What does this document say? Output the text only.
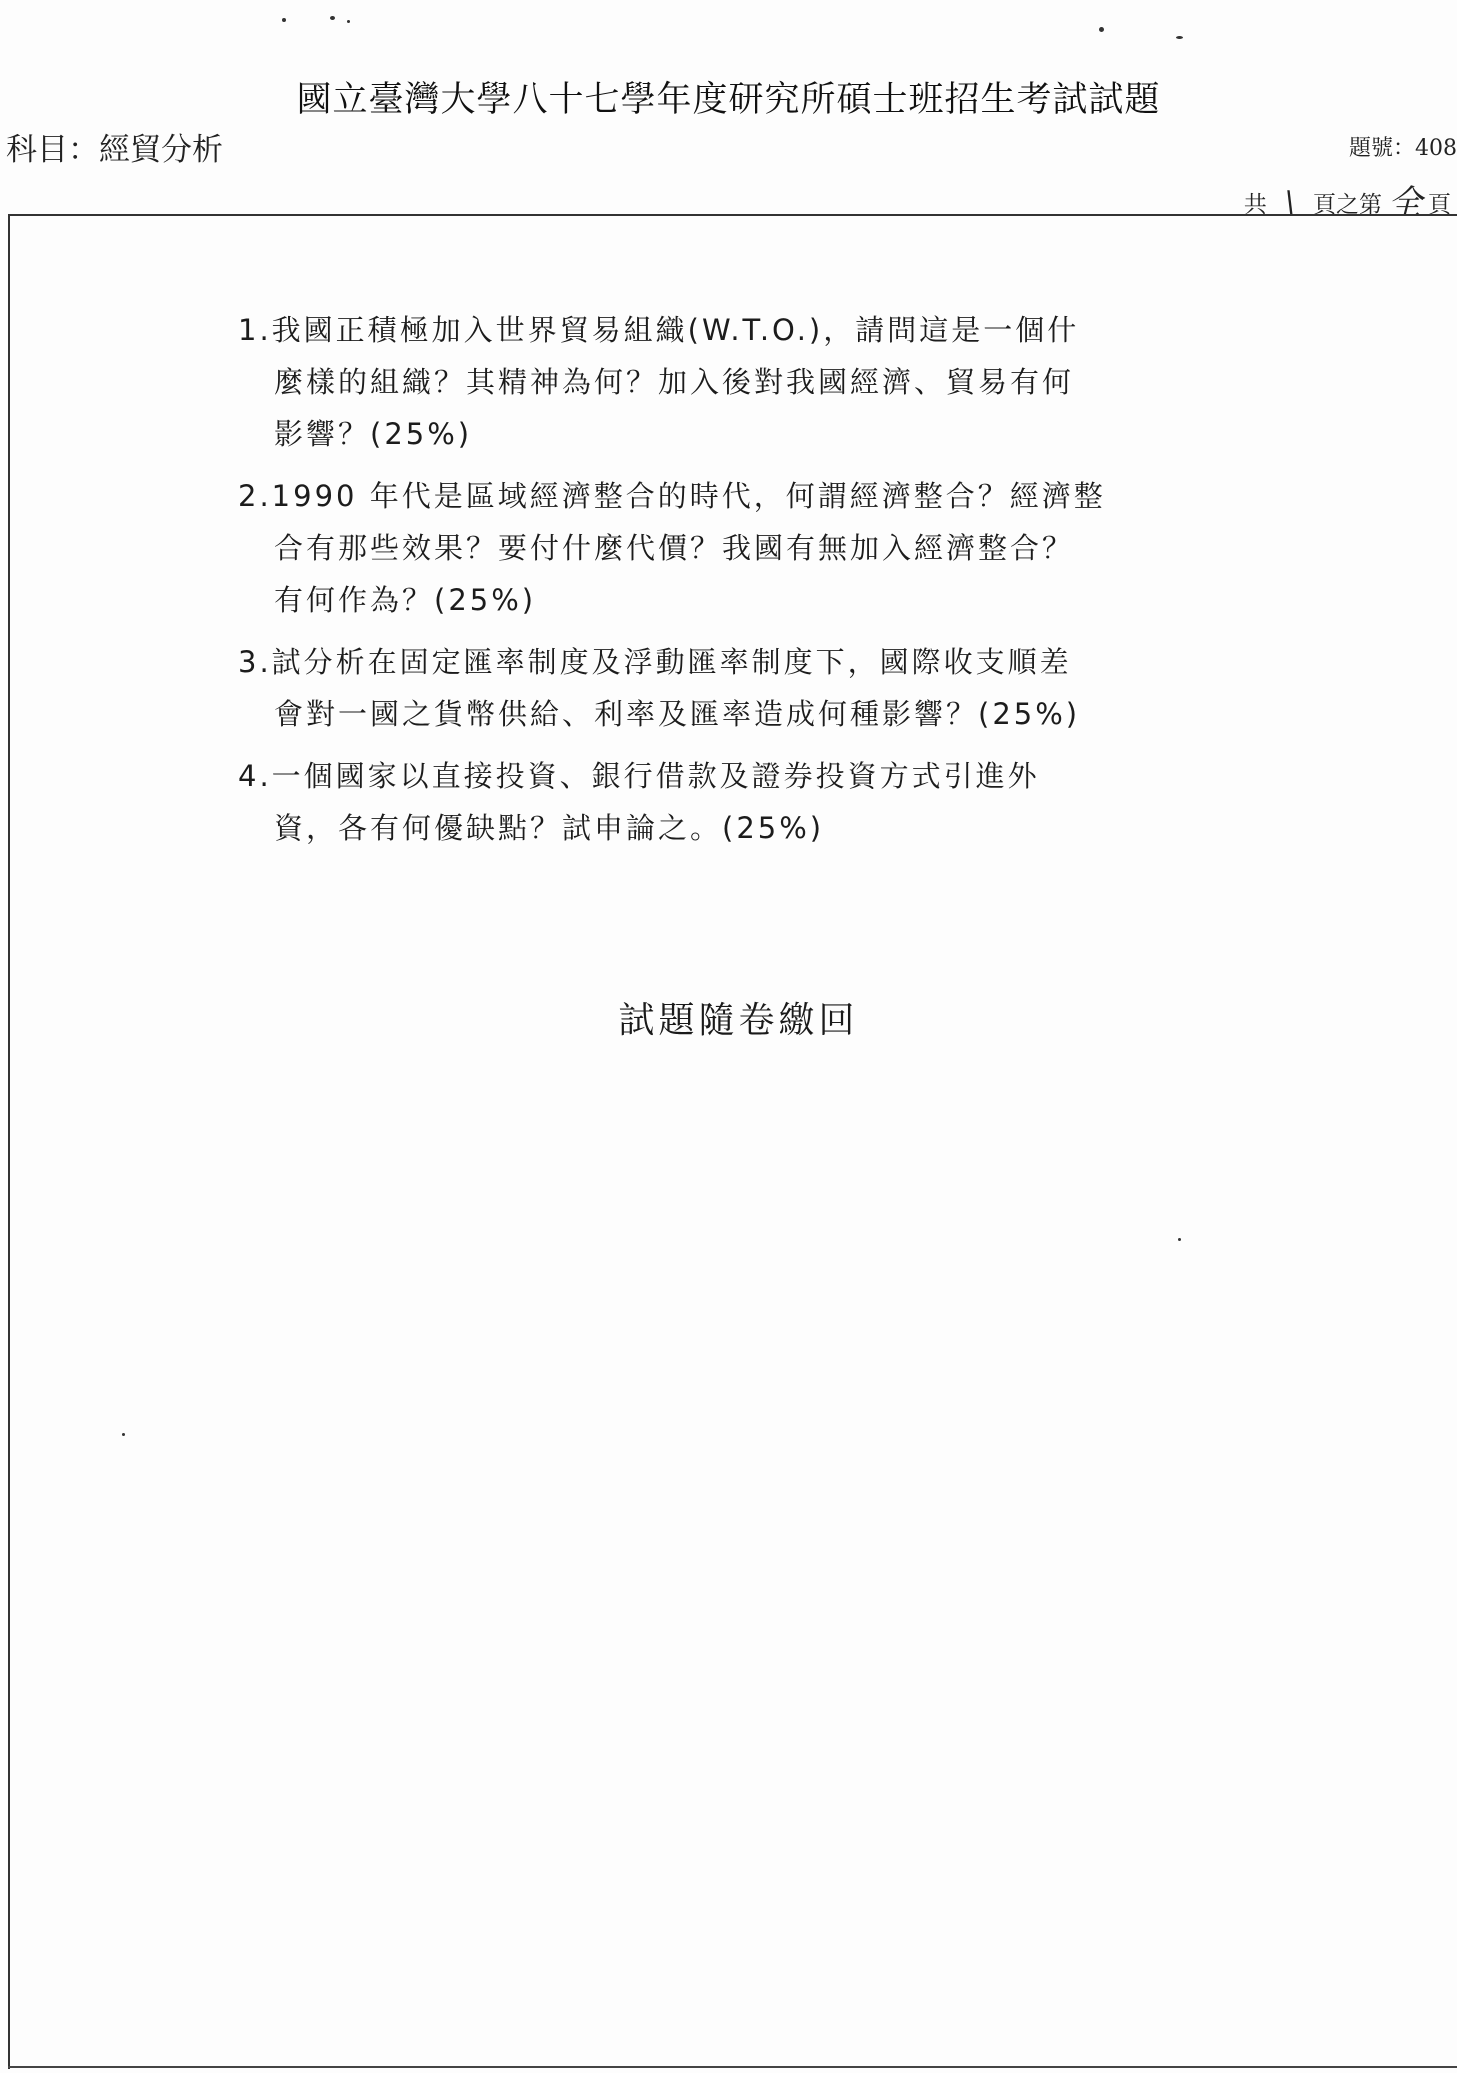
國立臺灣大學八十七學年度研究所碩士班招生考試試題
科目：經貿分析	題號：408
共 \ 頁之第 全 頁
1.我國正積極加入世界貿易組織(W.T.O.)，請問這是一個什
麼樣的組織？其精神為何？加入後對我國經濟、貿易有何
影響？(25%)
2.1990 年代是區域經濟整合的時代，何謂經濟整合？經濟整
合有那些效果？要付什麼代價？我國有無加入經濟整合？
有何作為？(25%)
3.試分析在固定匯率制度及浮動匯率制度下，國際收支順差
會對一國之貨幣供給、利率及匯率造成何種影響？(25%)
4.一個國家以直接投資、銀行借款及證券投資方式引進外
資，各有何優缺點？試申論之。(25%)
試題隨卷繳回
